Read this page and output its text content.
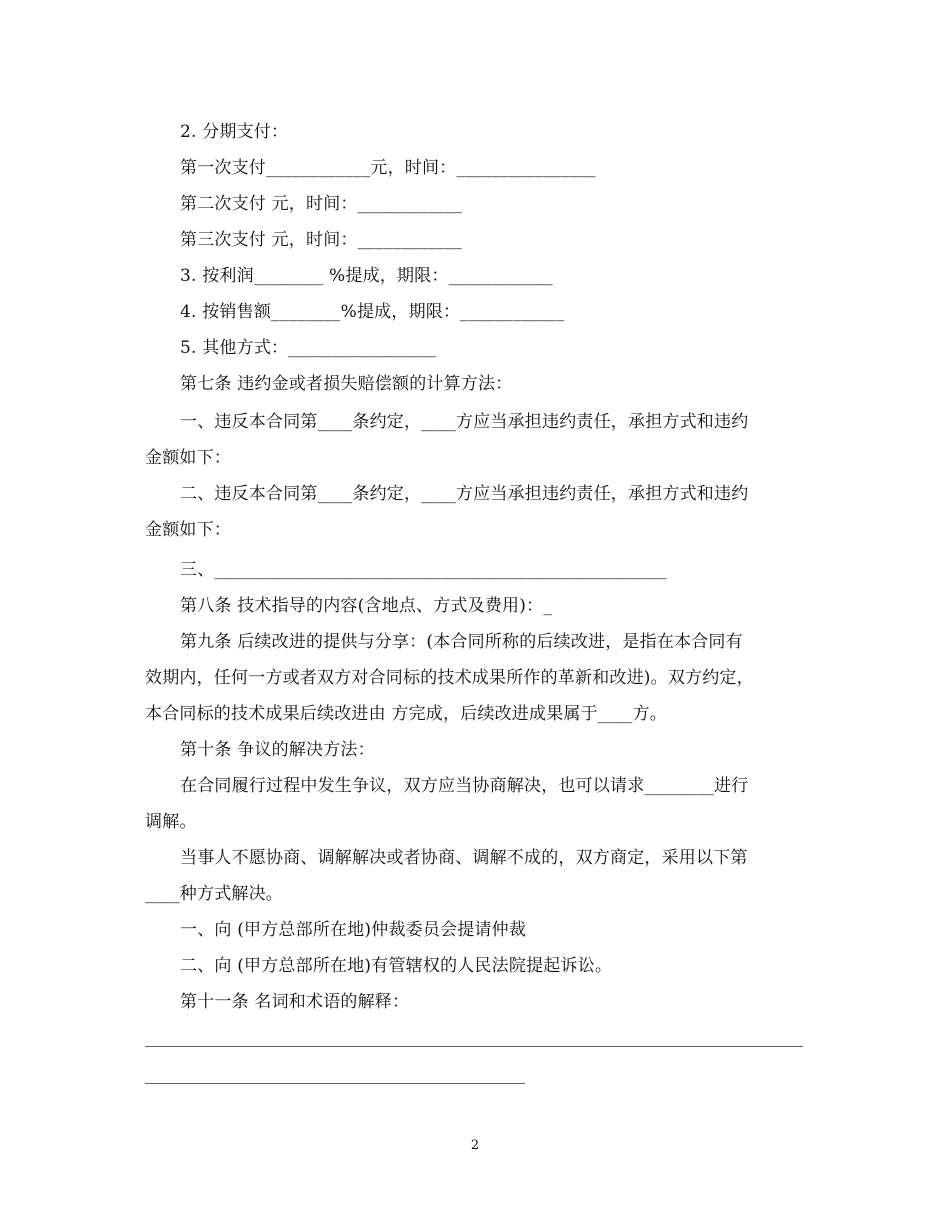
2. 分期支付：
第一次支付____________元，时间：________________
第二次支付 元，时间：____________
第三次支付 元，时间：____________
3. 按利润________ %提成，期限：____________
4. 按销售额________%提成，期限：____________
5. 其他方式：_________________
第七条 违约金或者损失赔偿额的计算方法：
一、违反本合同第____条约定，____方应当承担违约责任，承担方式和违约
金额如下：
二、违反本合同第____条约定，____方应当承担违约责任，承担方式和违约
金额如下：
三、____________________________________________________
第八条 技术指导的内容(含地点、方式及费用)：_
第九条 后续改进的提供与分享：(本合同所称的后续改进，是指在本合同有
效期内，任何一方或者双方对合同标的技术成果所作的革新和改进)。双方约定，
本合同标的技术成果后续改进由 方完成，后续改进成果属于____方。
第十条 争议的解决方法：
在合同履行过程中发生争议，双方应当协商解决，也可以请求________进行
调解。
当事人不愿协商、调解解决或者协商、调解不成的，双方商定，采用以下第
____种方式解决。
一、向 (甲方总部所在地)仲裁委员会提请仲裁
二、向 (甲方总部所在地)有管辖权的人民法院提起诉讼。
第十一条 名词和术语的解释：
2
